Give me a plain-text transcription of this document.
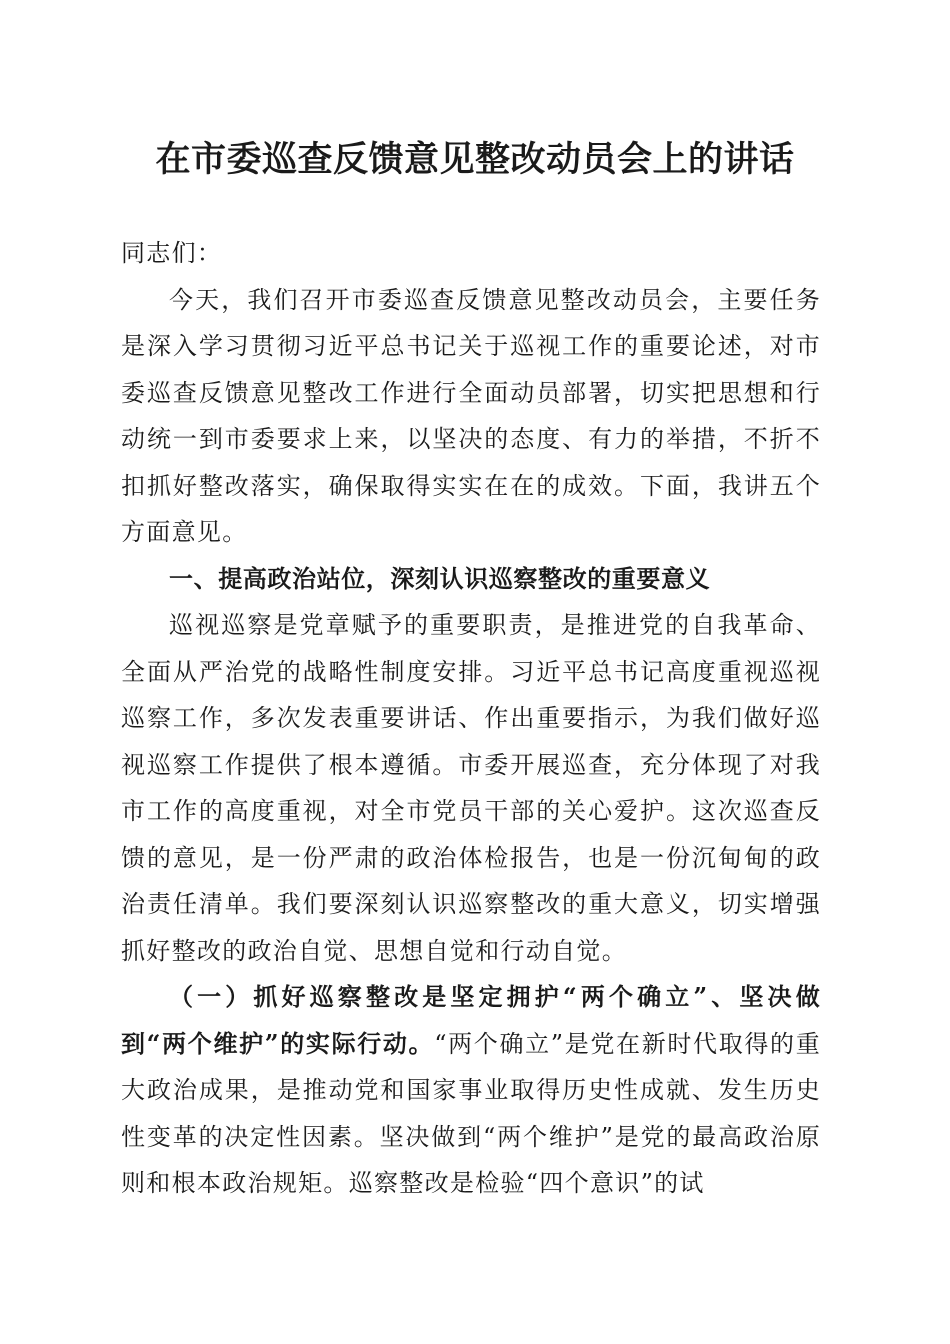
在市委巡查反馈意见整改动员会上的讲话

同志们：

今天，我们召开市委巡查反馈意见整改动员会，主要任务是深入学习贯彻习近平总书记关于巡视工作的重要论述，对市委巡查反馈意见整改工作进行全面动员部署，切实把思想和行动统一到市委要求上来，以坚决的态度、有力的举措，不折不扣抓好整改落实，确保取得实实在在的成效。下面，我讲五个方面意见。

一、提高政治站位，深刻认识巡察整改的重要意义

巡视巡察是党章赋予的重要职责，是推进党的自我革命、全面从严治党的战略性制度安排。习近平总书记高度重视巡视巡察工作，多次发表重要讲话、作出重要指示，为我们做好巡视巡察工作提供了根本遵循。市委开展巡查，充分体现了对我市工作的高度重视，对全市党员干部的关心爱护。这次巡查反馈的意见，是一份严肃的政治体检报告，也是一份沉甸甸的政治责任清单。我们要深刻认识巡察整改的重大意义，切实增强抓好整改的政治自觉、思想自觉和行动自觉。

（一）抓好巡察整改是坚定拥护“两个确立”、坚决做到“两个维护”的实际行动。“两个确立”是党在新时代取得的重大政治成果，是推动党和国家事业取得历史性成就、发生历史性变革的决定性因素。坚决做到“两个维护”是党的最高政治原则和根本政治规矩。巡察整改是检验“四个意识”的试
